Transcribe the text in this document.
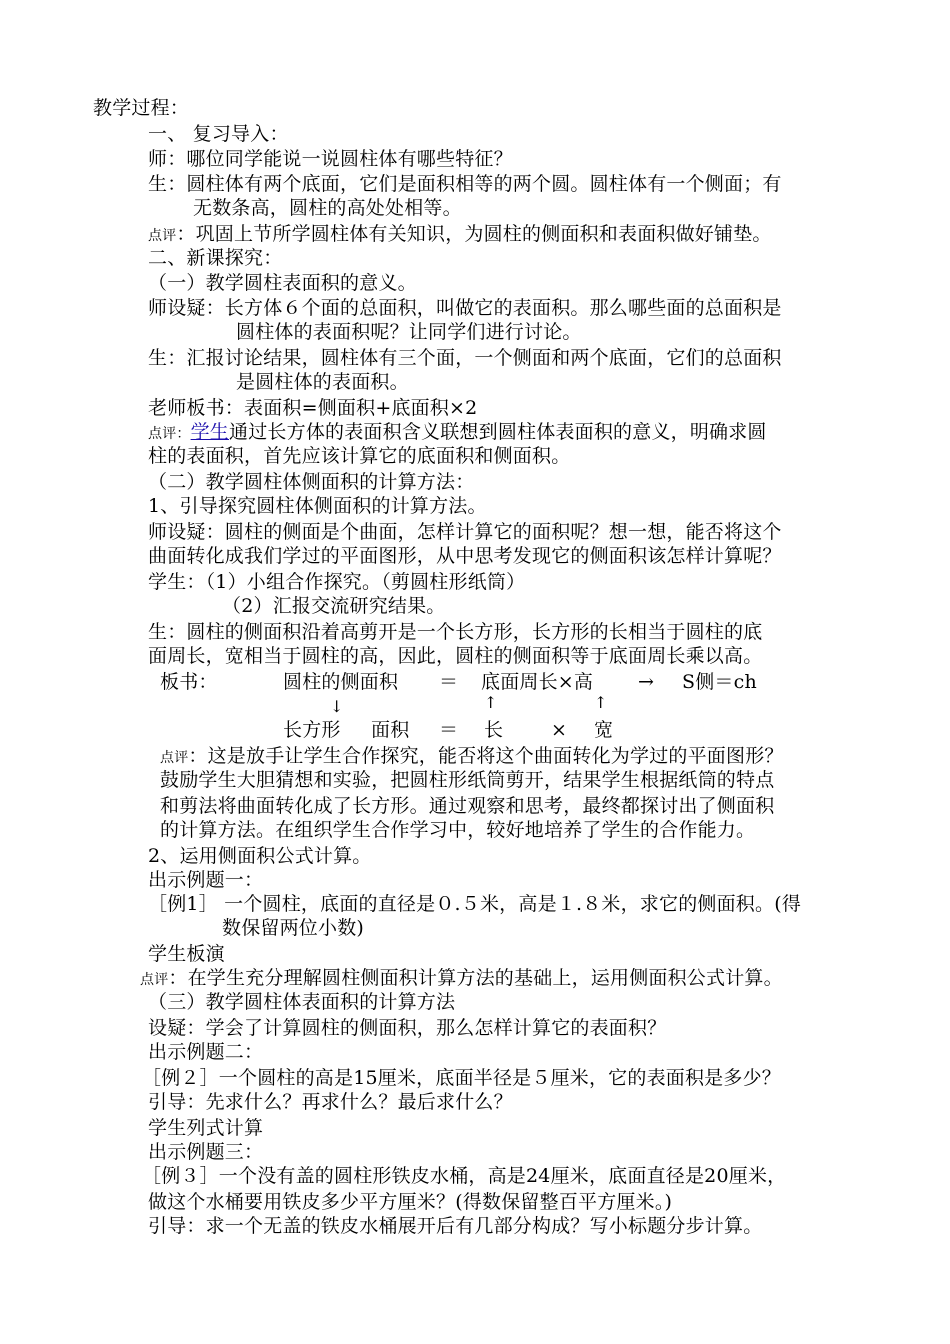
教学过程：
一、 复习导入：
师：哪位同学能说一说圆柱体有哪些特征？
生：圆柱体有两个底面，它们是面积相等的两个圆。圆柱体有一个侧面；有
无数条高，圆柱的高处处相等。
点评：巩固上节所学圆柱体有关知识，为圆柱的侧面积和表面积做好铺垫。
二、新课探究：
（一）教学圆柱表面积的意义。
师设疑：长方体６个面的总面积，叫做它的表面积。那么哪些面的总面积是
圆柱体的表面积呢？让同学们进行讨论。
生：汇报讨论结果，圆柱体有三个面，一个侧面和两个底面，它们的总面积
是圆柱体的表面积。
老师板书：表面积=侧面积+底面积×2
点评：学生通过长方体的表面积含义联想到圆柱体表面积的意义，明确求圆
柱的表面积，首先应该计算它的底面积和侧面积。
（二）教学圆柱体侧面积的计算方法：
1、引导探究圆柱体侧面积的计算方法。
师设疑：圆柱的侧面是个曲面，怎样计算它的面积呢？想一想，能否将这个
曲面转化成我们学过的平面图形，从中思考发现它的侧面积该怎样计算呢？
学生：（1）小组合作探究。（剪圆柱形纸筒）
（2）汇报交流研究结果。
生：圆柱的侧面积沿着高剪开是一个长方形，长方形的长相当于圆柱的底
面周长，宽相当于圆柱的高，因此，圆柱的侧面积等于底面周长乘以高。
板书：	圆柱的侧面积 ＝ 底面周长×高 → S侧＝ch
↓	↑	↑
长方形 面积 ＝ 长	× 宽
点评：这是放手让学生合作探究，能否将这个曲面转化为学过的平面图形？
鼓励学生大胆猜想和实验，把圆柱形纸筒剪开，结果学生根据纸筒的特点
和剪法将曲面转化成了长方形。通过观察和思考，最终都探讨出了侧面积
的计算方法。在组织学生合作学习中，较好地培养了学生的合作能力。
2、运用侧面积公式计算。
出示例题一：
［例1］ 一个圆柱，底面的直径是０.５米，高是１.８米，求它的侧面积。(得
数保留两位小数)
学生板演
点评：在学生充分理解圆柱侧面积计算方法的基础上，运用侧面积公式计算。
（三）教学圆柱体表面积的计算方法
设疑：学会了计算圆柱的侧面积，那么怎样计算它的表面积？
出示例题二：
［例２］一个圆柱的高是15厘米，底面半径是５厘米，它的表面积是多少？
引导：先求什么？再求什么？最后求什么？
学生列式计算
出示例题三：
［例３］一个没有盖的圆柱形铁皮水桶，高是24厘米，底面直径是20厘米，
做这个水桶要用铁皮多少平方厘米？(得数保留整百平方厘米。)
引导：求一个无盖的铁皮水桶展开后有几部分构成？写小标题分步计算。
